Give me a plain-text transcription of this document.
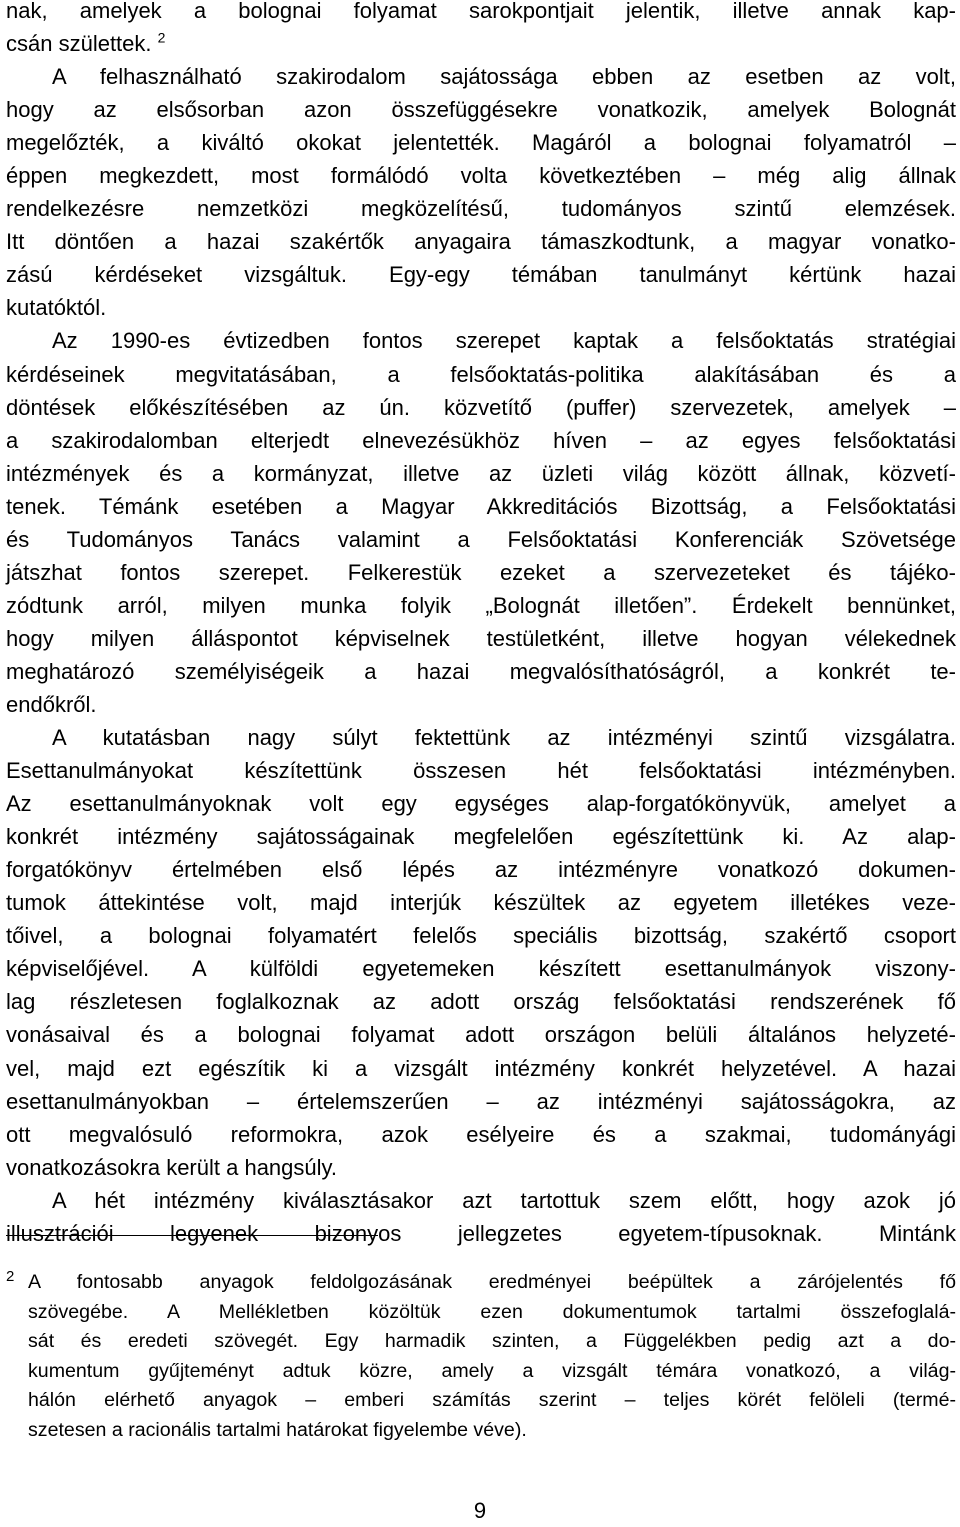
nak, amelyek a bolognai folyamat sarokpontjait jelentik, illetve annak kap-
csán születtek. $^2$
A felhasználható szakirodalom sajátossága ebben az esetben az volt,
hogy az elsősorban azon összefüggésekre vonatkozik, amelyek Bolognát
megelőzték, a kiváltó okokat jelentették. Magáról a bolognai folyamatról –
éppen megkezdett, most formálódó volta következtében – még alig állnak
rendelkezésre nemzetközi megközelítésű, tudományos szintű elemzések.
Itt döntően a hazai szakértők anyagaira támaszkodtunk, a magyar vonatko-
zású kérdéseket vizsgáltuk. Egy-egy témában tanulmányt kértünk hazai
kutatóktól.
Az 1990-es évtizedben fontos szerepet kaptak a felsőoktatás stratégiai
kérdéseinek megvitatásában, a felsőoktatás-politika alakításában és a
döntések előkészítésében az ún. közvetítő (puffer) szervezetek, amelyek –
a szakirodalomban elterjedt elnevezésükhöz híven – az egyes felsőoktatási
intézmények és a kormányzat, illetve az üzleti világ között állnak, közvetí-
tenek. Témánk esetében a Magyar Akkreditációs Bizottság, a Felsőoktatási
és Tudományos Tanács valamint a Felsőoktatási Konferenciák Szövetsége
játszhat fontos szerepet. Felkerestük ezeket a szervezeteket és tájéko-
zódtunk arról, milyen munka folyik „Bolognát illetően”. Érdekelt bennünket,
hogy milyen álláspontot képviselnek testületként, illetve hogyan vélekednek
meghatározó személyiségeik a hazai megvalósíthatóságról, a konkrét te-
endőkről.
A kutatásban nagy súlyt fektettünk az intézményi szintű vizsgálatra.
Esettanulmányokat készítettünk összesen hét felsőoktatási intézményben.
Az esettanulmányoknak volt egy egységes alap-forgatókönyvük, amelyet a
konkrét intézmény sajátosságainak megfelelően egészítettünk ki. Az alap-
forgatókönyv értelmében első lépés az intézményre vonatkozó dokumen-
tumok áttekintése volt, majd interjúk készültek az egyetem illetékes veze-
tőivel, a bolognai folyamatért felelős speciális bizottság, szakértő csoport
képviselőjével. A külföldi egyetemeken készített esettanulmányok viszony-
lag részletesen foglalkoznak az adott ország felsőoktatási rendszerének fő
vonásaival és a bolognai folyamat adott országon belüli általános helyzeté-
vel, majd ezt egészítik ki a vizsgált intézmény konkrét helyzetével. A hazai
esettanulmányokban – értelemszerűen – az intézményi sajátosságokra, az
ott megvalósuló reformokra, azok esélyeire és a szakmai, tudományági
vonatkozásokra került a hangsúly.
A hét intézmény kiválasztásakor azt tartottuk szem előtt, hogy azok jó
illusztrációi legyenek bizonyos jellegzetes egyetem-típusoknak. Mintánk
2 A fontosabb anyagok feldolgozásának eredményei beépültek a zárójelentés fő
szövegébe. A Mellékletben közöltük ezen dokumentumok tartalmi összefoglalá-
sát és eredeti szövegét. Egy harmadik szinten, a Függelékben pedig azt a do-
kumentum gyűjteményt adtuk közre, amely a vizsgált témára vonatkozó, a világ-
hálón elérhető anyagok – emberi számítás szerint – teljes körét felöleli (termé-
szetesen a racionális tartalmi határokat figyelembe véve).
9
